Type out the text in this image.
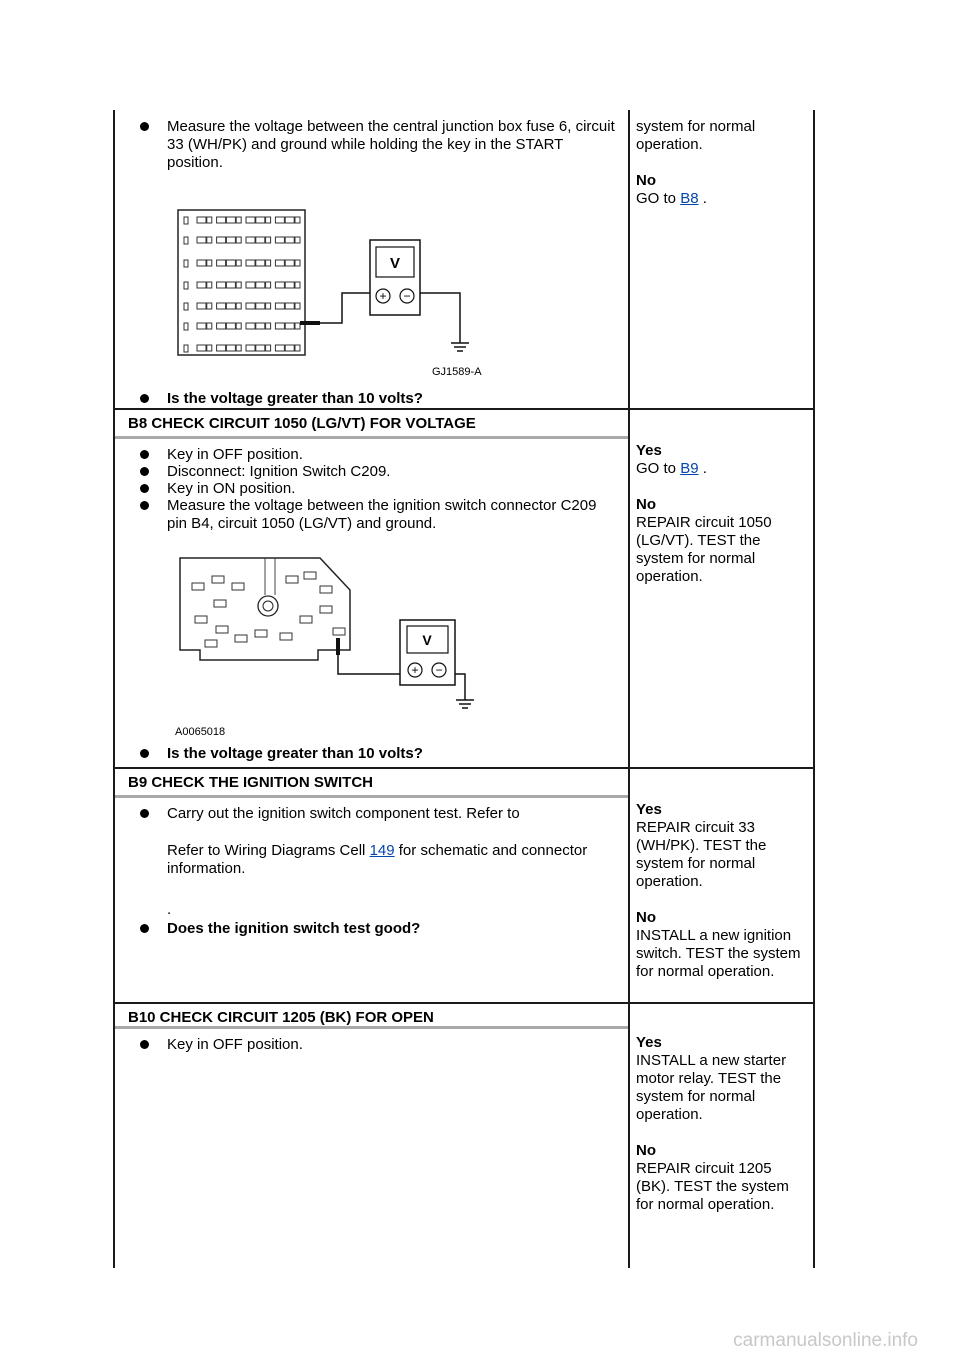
Measure the voltage between the central junction box fuse 6, circuit 33 (WH/PK) and ground while holding the key in the START position.
V
+ −
GJ1589-A
Is the voltage greater than 10 volts?

system for normal operation.

No

GO to B8 .

B8 CHECK CIRCUIT 1050 (LG/VT) FOR VOLTAGE
Key in OFF position.
Disconnect: Ignition Switch C209.
Key in ON position.
Measure the voltage between the ignition switch connector C209 pin B4, circuit 1050 (LG/VT) and ground.
V
+ −
A0065018
Is the voltage greater than 10 volts?

Yes

GO to B9 .

No

REPAIR circuit 1050 (LG/VT). TEST the system for normal operation.

B9 CHECK THE IGNITION SWITCH
Carry out the ignition switch component test. Refer to
Refer to Wiring Diagrams Cell 149 for schematic and connector information.
.
Does the ignition switch test good?

Yes

REPAIR circuit 33 (WH/PK). TEST the system for normal operation.

No

INSTALL a new ignition switch. TEST the system for normal operation.

B10 CHECK CIRCUIT 1205 (BK) FOR OPEN
Key in OFF position.	Yes

INSTALL a new starter motor relay. TEST the system for normal operation.

No

REPAIR circuit 1205 (BK). TEST the system for normal operation.

carmanualsonline.info
